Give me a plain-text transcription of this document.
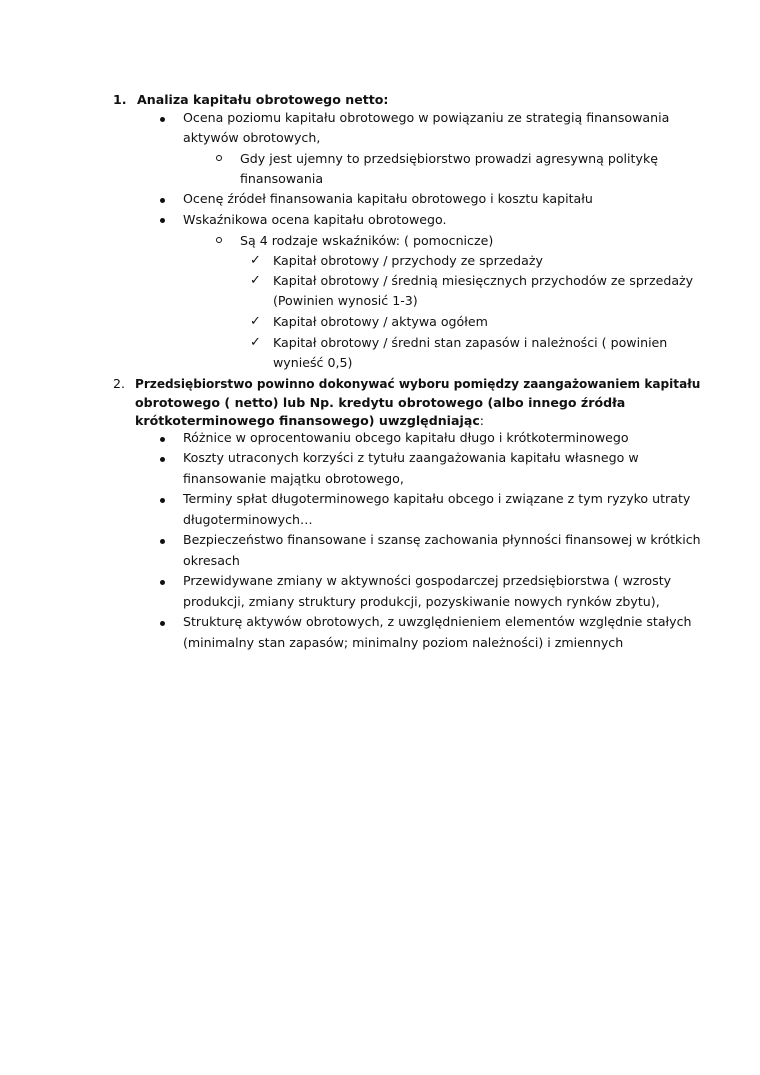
1. Analiza kapitału obrotowego netto:
Ocena poziomu kapitału obrotowego w powiązaniu ze strategią finansowania
aktywów obrotowych,
Gdy jest ujemny to przedsiębiorstwo prowadzi agresywną politykę
finansowania
Ocenę źródeł finansowania kapitału obrotowego i kosztu kapitału
Wskaźnikowa ocena kapitału obrotowego.
Są 4 rodzaje wskaźników: ( pomocnicze)
✓ Kapitał obrotowy / przychody ze sprzedaży
✓ Kapitał obrotowy / średnią miesięcznych przychodów ze sprzedaży
(Powinien wynosić 1-3)
✓ Kapitał obrotowy / aktywa ogółem
✓ Kapitał obrotowy / średni stan zapasów i należności ( powinien
wynieść 0,5)
2. Przedsiębiorstwo powinno dokonywać wyboru pomiędzy zaangażowaniem kapitału
obrotowego ( netto) lub Np. kredytu obrotowego (albo innego źródła
krótkoterminowego finansowego) uwzględniając:
Różnice w oprocentowaniu obcego kapitału długo i krótkoterminowego
Koszty utraconych korzyści z tytułu zaangażowania kapitału własnego w
finansowanie majątku obrotowego,
Terminy spłat długoterminowego kapitału obcego i związane z tym ryzyko utraty
długoterminowych…
Bezpieczeństwo finansowane i szansę zachowania płynności finansowej w krótkich
okresach
Przewidywane zmiany w aktywności gospodarczej przedsiębiorstwa ( wzrosty
produkcji, zmiany struktury produkcji, pozyskiwanie nowych rynków zbytu),
Strukturę aktywów obrotowych, z uwzględnieniem elementów względnie stałych
(minimalny stan zapasów; minimalny poziom należności) i zmiennych
